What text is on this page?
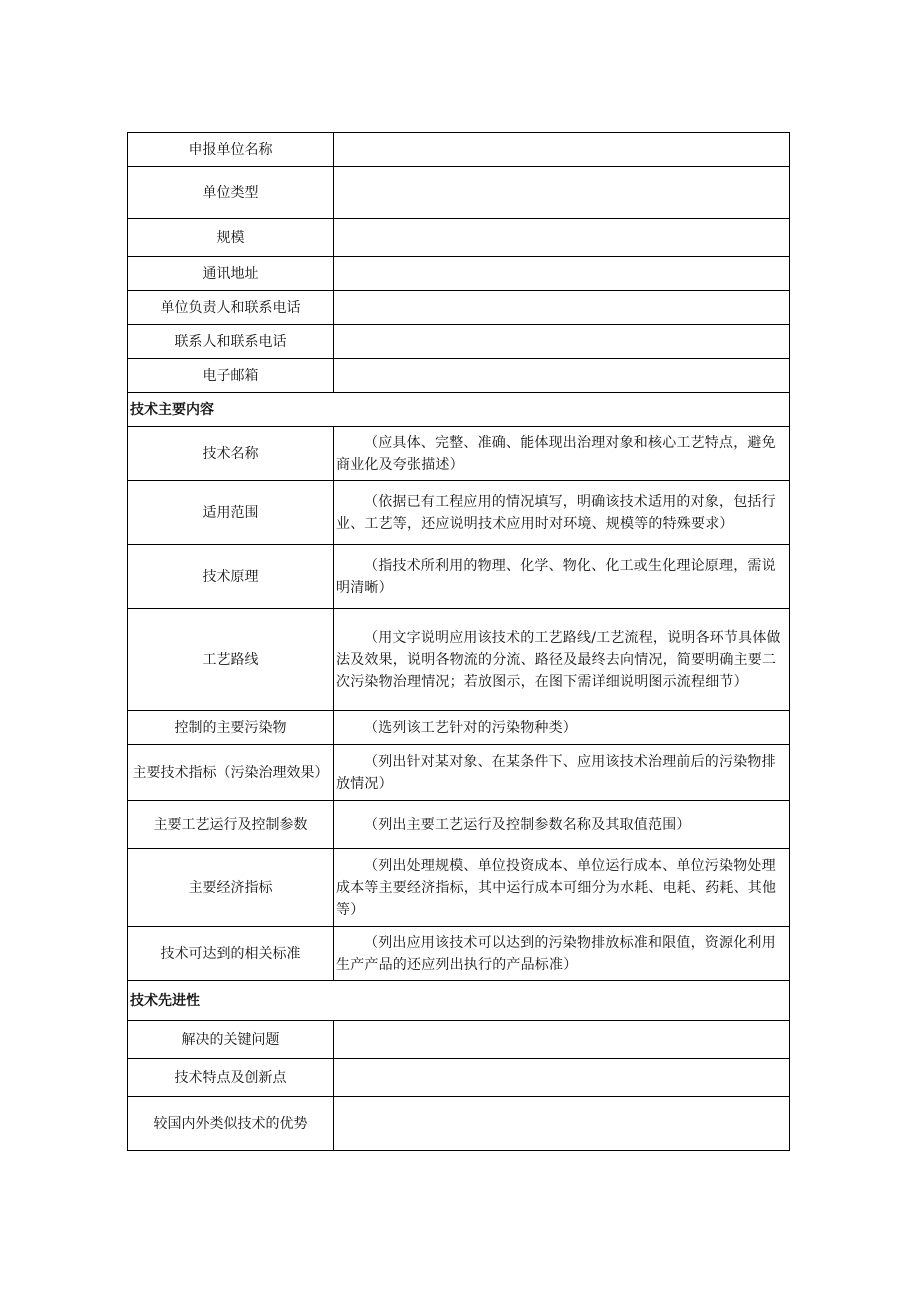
申报单位名称	
单位类型	
规模	
通讯地址	
单位负责人和联系电话	
联系人和联系电话	
电子邮箱	
技术主要内容	
技术名称	（应具体、完整、准确、能体现出治理对象和核心工艺特点，避免商业化及夸张描述）

适用范围	（依据已有工程应用的情况填写，明确该技术适用的对象，包括行业、工艺等，还应说明技术应用时对环境、规模等的特殊要求）

技术原理	（指技术所利用的物理、化学、物化、化工或生化理论原理，需说明清晰）

工艺路线	（用文字说明应用该技术的工艺路线/工艺流程，说明各环节具体做法及效果，说明各物流的分流、路径及最终去向情况，简要明确主要二次污染物治理情况；若放图示，在图下需详细说明图示流程细节）

控制的主要污染物	（选列该工艺针对的污染物种类）

主要技术指标（污染治理效果）	（列出针对某对象、在某条件下、应用该技术治理前后的污染物排放情况）

主要工艺运行及控制参数	（列出主要工艺运行及控制参数名称及其取值范围）

主要经济指标	（列出处理规模、单位投资成本、单位运行成本、单位污染物处理成本等主要经济指标，其中运行成本可细分为水耗、电耗、药耗、其他等）

技术可达到的相关标准	（列出应用该技术可以达到的污染物排放标准和限值，资源化利用生产产品的还应列出执行的产品标准）

技术先进性	
解决的关键问题	
技术特点及创新点	
较国内外类似技术的优势	
